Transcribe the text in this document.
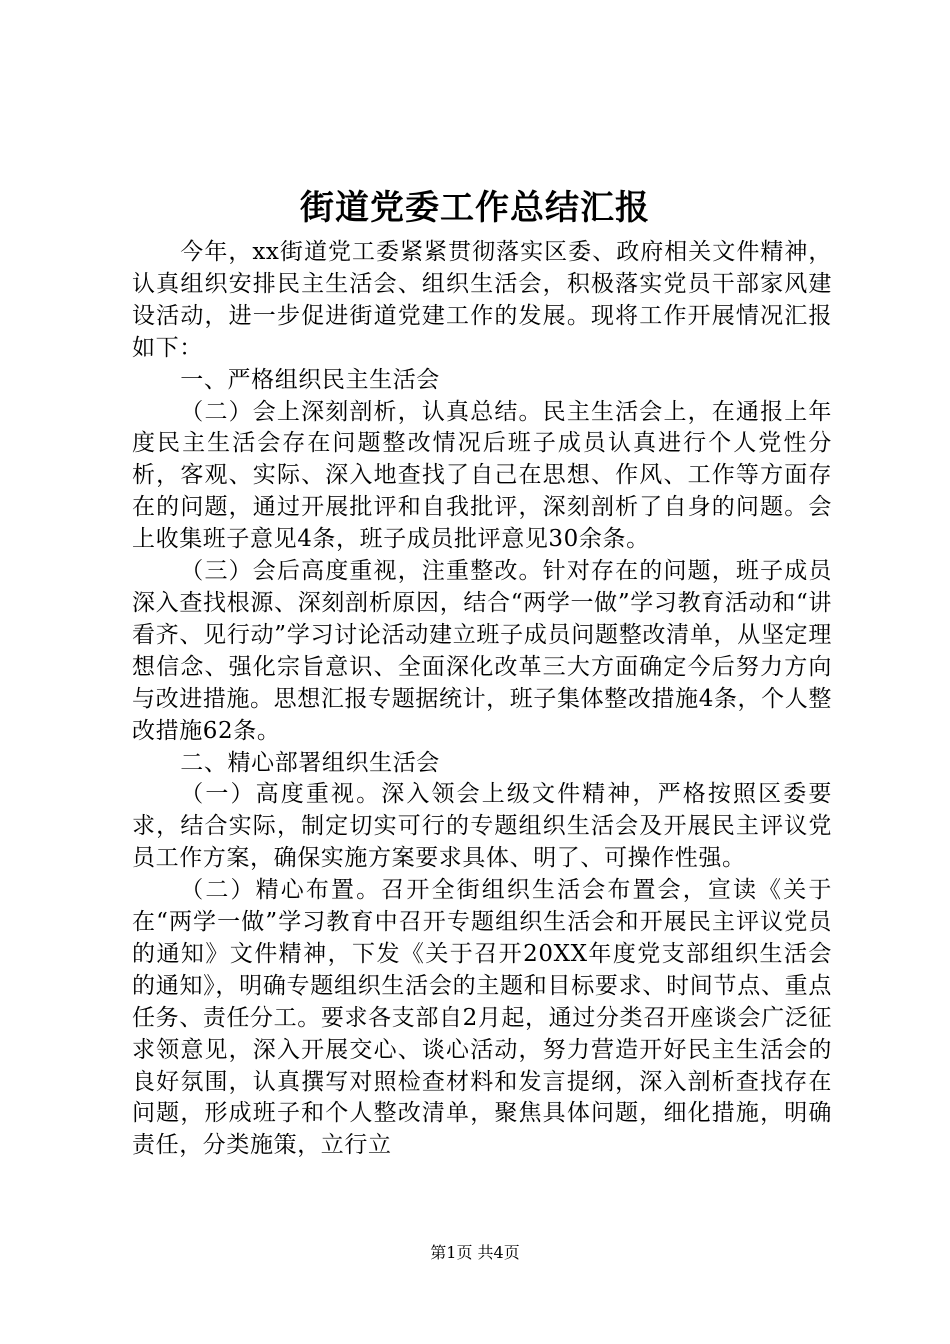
街道党委工作总结汇报

今年，xx街道党工委紧紧贯彻落实区委、政府相关文件精神，认真组织安排民主生活会、组织生活会，积极落实党员干部家风建设活动，进一步促进街道党建工作的发展。现将工作开展情况汇报如下：

一、严格组织民主生活会

（二）会上深刻剖析，认真总结。民主生活会上，在通报上年度民主生活会存在问题整改情况后班子成员认真进行个人党性分析，客观、实际、深入地查找了自己在思想、作风、工作等方面存在的问题，通过开展批评和自我批评，深刻剖析了自身的问题。会上收集班子意见4条，班子成员批评意见30余条。

（三）会后高度重视，注重整改。针对存在的问题，班子成员深入查找根源、深刻剖析原因，结合“两学一做”学习教育活动和“讲看齐、见行动”学习讨论活动建立班子成员问题整改清单，从坚定理想信念、强化宗旨意识、全面深化改革三大方面确定今后努力方向与改进措施。思想汇报专题据统计，班子集体整改措施4条，个人整改措施62条。

二、精心部署组织生活会

（一）高度重视。深入领会上级文件精神，严格按照区委要求，结合实际，制定切实可行的专题组织生活会及开展民主评议党员工作方案，确保实施方案要求具体、明了、可操作性强。

（二）精心布置。召开全街组织生活会布置会，宣读《关于在“两学一做”学习教育中召开专题组织生活会和开展民主评议党员的通知》文件精神，下发《关于召开20XX年度党支部组织生活会的通知》，明确专题组织生活会的主题和目标要求、时间节点、重点任务、责任分工。要求各支部自2月起，通过分类召开座谈会广泛征求领意见，深入开展交心、谈心活动，努力营造开好民主生活会的良好氛围，认真撰写对照检查材料和发言提纲，深入剖析查找存在问题，形成班子和个人整改清单，聚焦具体问题，细化措施，明确责任，分类施策，立行立

第1页 共4页
